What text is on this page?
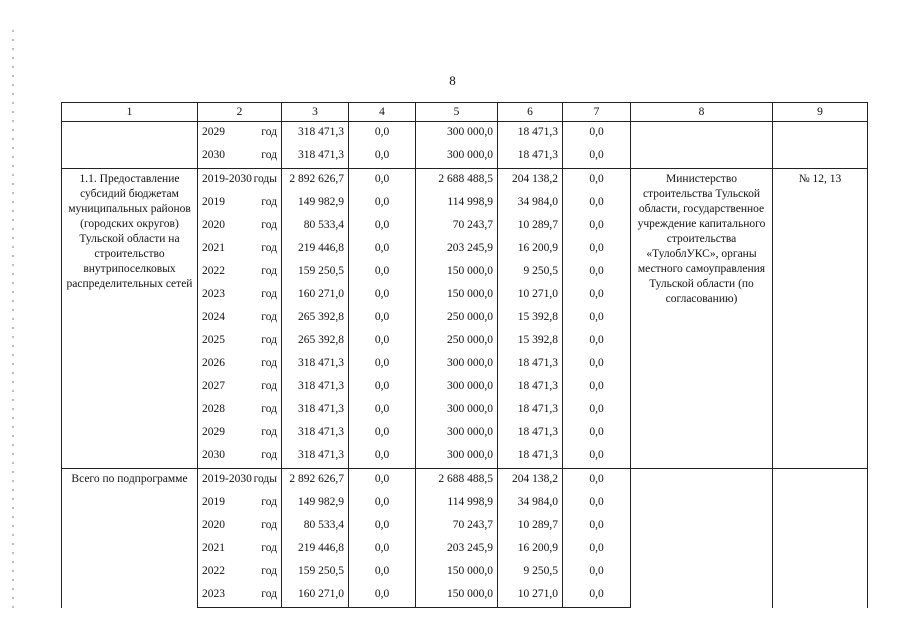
8
1	2	3	4	5	6	7	8	9

	2029 год	318 471,3	0,0	300 000,0	18 471,3	0,0		

	2030 год	318 471,3	0,0	300 000,0	18 471,3	0,0		
1.1. Предоставление субсидий бюджетам муниципальных районов (городских округов) Тульской области на строительство внутрипоселковых распределительных сетей	2019-2030 годы	2 892 626,7	0,0	2 688 488,5	204 138,2	0,0	Министерство строительства Тульской области, государственное учреждение капитального строительства «ТулоблУКС», органы местного самоуправления Тульской области (по согласованию)	№ 12, 13

	2019 год	149 982,9	0,0	114 998,9	34 984,0	0,0		

	2020 год	80 533,4	0,0	70 243,7	10 289,7	0,0		

	2021 год	219 446,8	0,0	203 245,9	16 200,9	0,0		

	2022 год	159 250,5	0,0	150 000,0	9 250,5	0,0		

	2023 год	160 271,0	0,0	150 000,0	10 271,0	0,0		

	2024 год	265 392,8	0,0	250 000,0	15 392,8	0,0		

	2025 год	265 392,8	0,0	250 000,0	15 392,8	0,0		

	2026 год	318 471,3	0,0	300 000,0	18 471,3	0,0		

	2027 год	318 471,3	0,0	300 000,0	18 471,3	0,0		

	2028 год	318 471,3	0,0	300 000,0	18 471,3	0,0		

	2029 год	318 471,3	0,0	300 000,0	18 471,3	0,0		

	2030 год	318 471,3	0,0	300 000,0	18 471,3	0,0		
Всего по подпрограмме	2019-2030 годы	2 892 626,7	0,0	2 688 488,5	204 138,2	0,0		

	2019 год	149 982,9	0,0	114 998,9	34 984,0	0,0		

	2020 год	80 533,4	0,0	70 243,7	10 289,7	0,0		

	2021 год	219 446,8	0,0	203 245,9	16 200,9	0,0		

	2022 год	159 250,5	0,0	150 000,0	9 250,5	0,0		

	2023 год	160 271,0	0,0	150 000,0	10 271,0	0,0		
